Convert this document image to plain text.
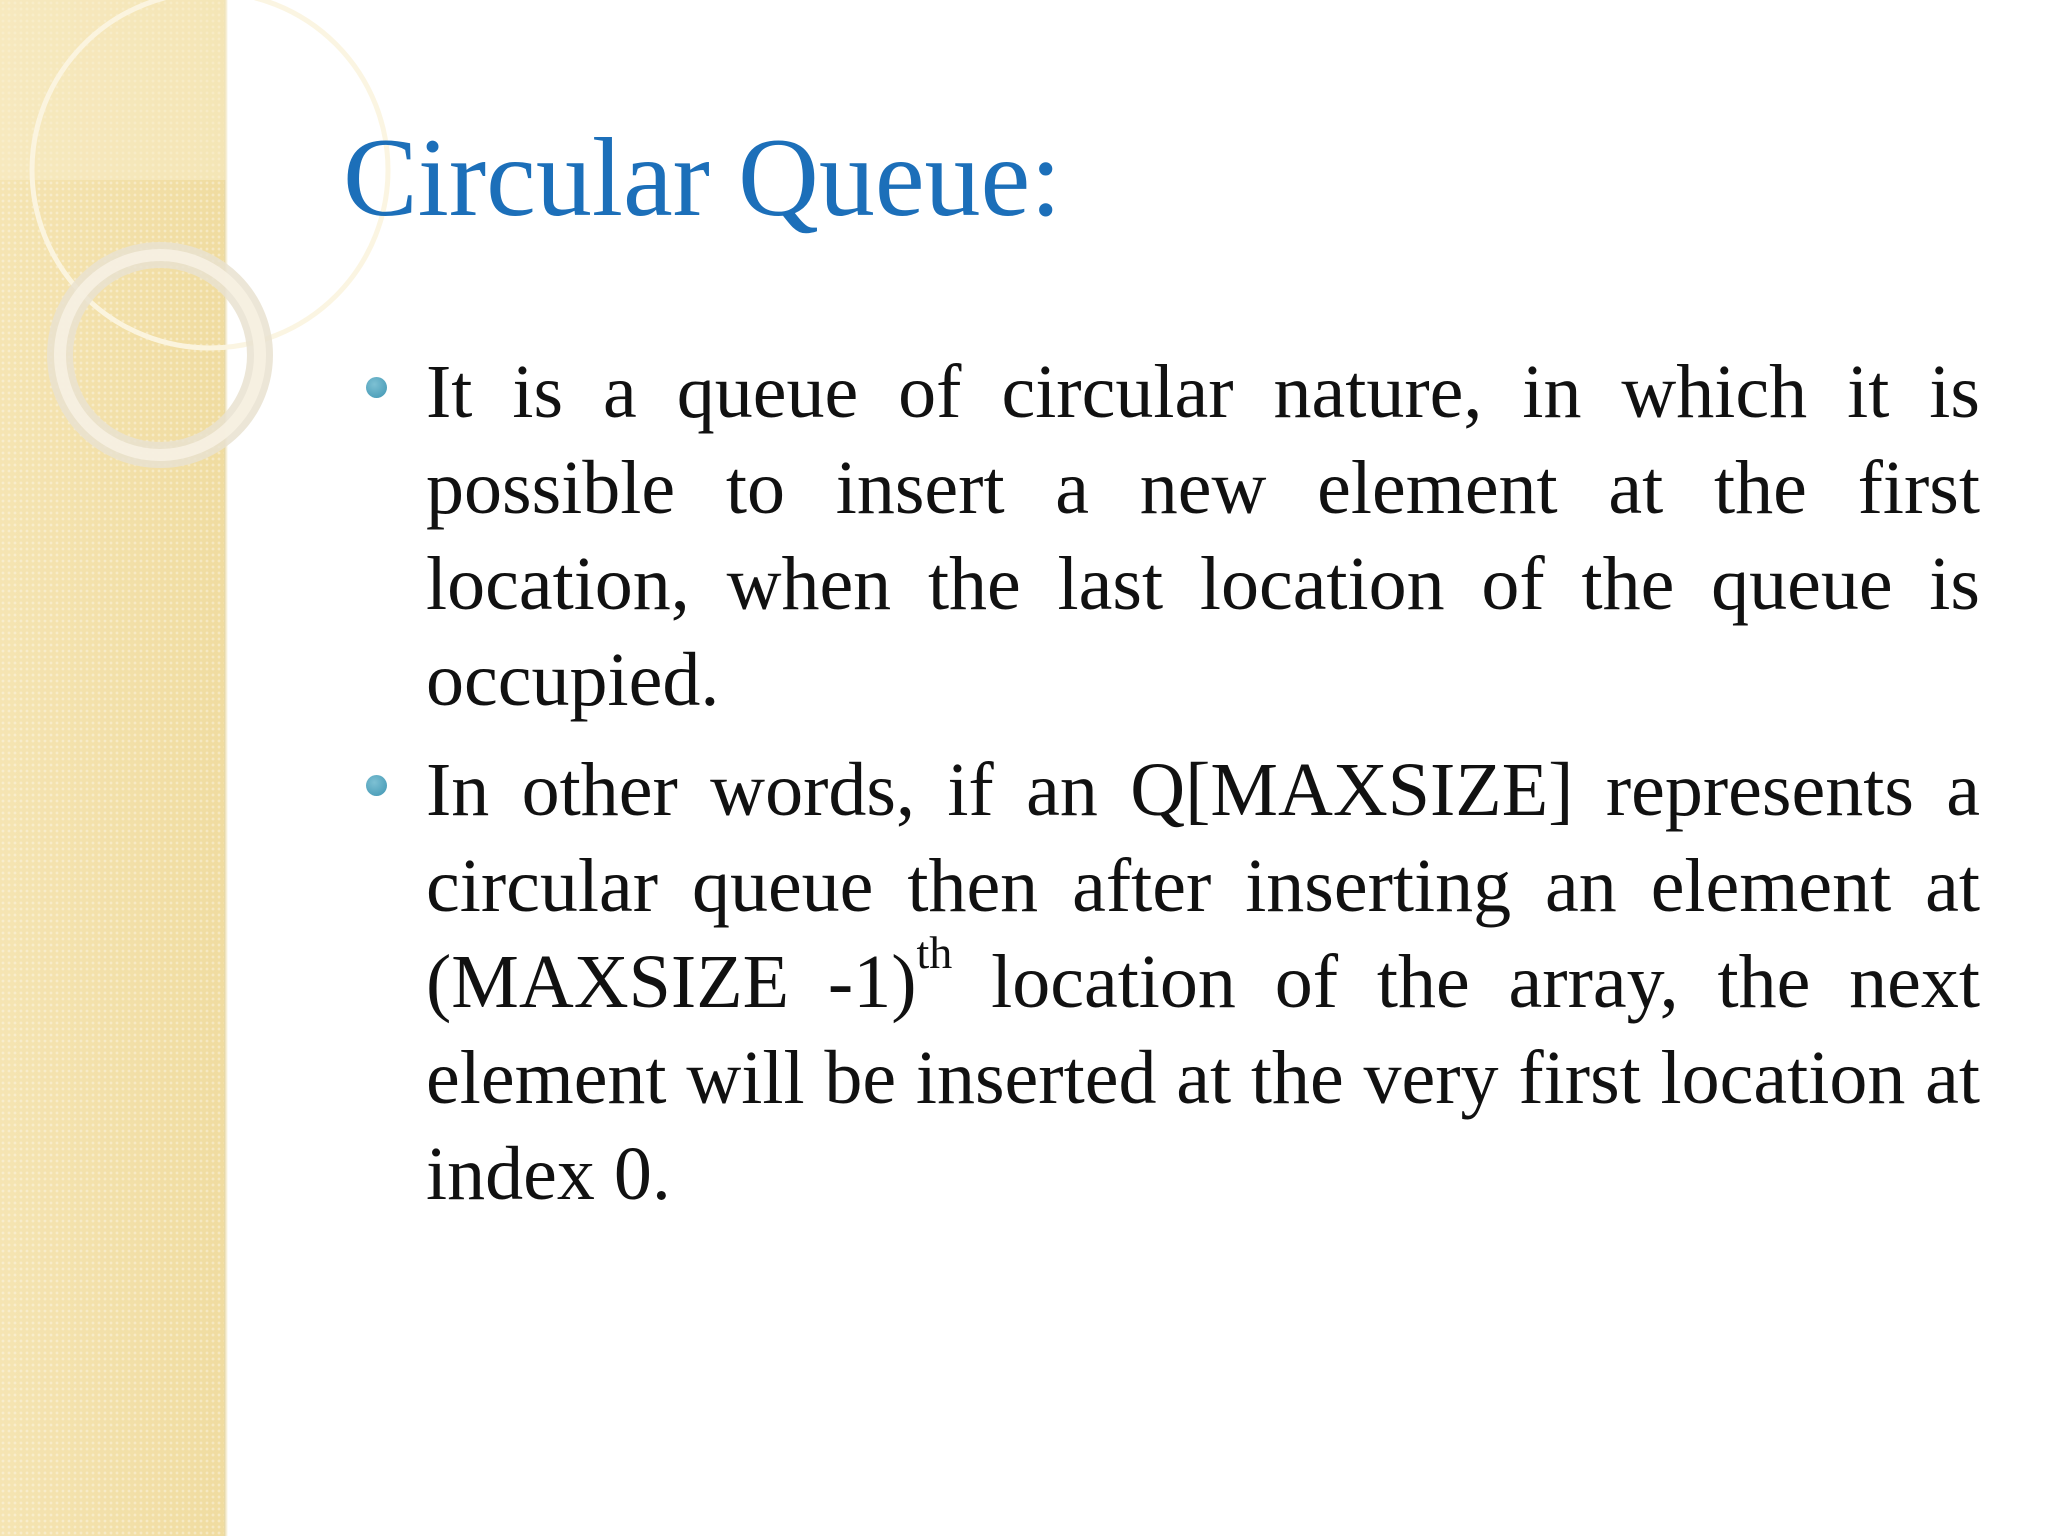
Circular Queue:
It is a queue of circular nature, in which it is possible to insert a new element at the first location, when the last location of the queue is occupied.
In other words, if an Q[MAXSIZE] represents a circular queue then after inserting an element at (MAXSIZE -1)$^{th}$ location of the array, the next element will be inserted at the very first location at index 0.
